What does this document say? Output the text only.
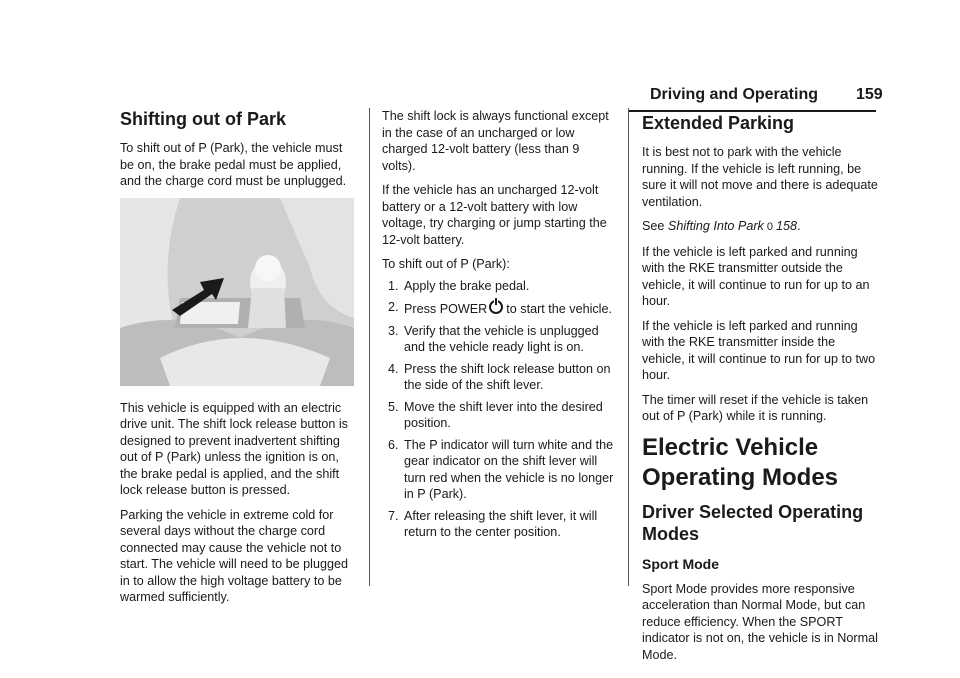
Driving and Operating 159
Shifting out of Park

To shift out of P (Park), the vehicle must be on, the brake pedal must be applied, and the charge cord must be unplugged.

This vehicle is equipped with an electric drive unit. The shift lock release button is designed to prevent inadvertent shifting out of P (Park) unless the ignition is on, the brake pedal is applied, and the shift lock release button is pressed.

Parking the vehicle in extreme cold for several days without the charge cord connected may cause the vehicle not to start. The vehicle will need to be plugged in to allow the high voltage battery to be warmed sufficiently.

The shift lock is always functional except in the case of an uncharged or low charged 12-volt battery (less than 9 volts).

If the vehicle has an uncharged 12-volt battery or a 12-volt battery with low voltage, try charging or jump starting the 12-volt battery.

To shift out of P (Park):

1. Apply the brake pedal.
2. Press POWER to start the vehicle.
3. Verify that the vehicle is unplugged and the vehicle ready light is on.
4. Press the shift lock release button on the side of the shift lever.
5. Move the shift lever into the desired position.
6. The P indicator will turn white and the gear indicator on the shift lever will turn red when the vehicle is no longer in P (Park).
7. After releasing the shift lever, it will return to the center position.
Extended Parking

It is best not to park with the vehicle running. If the vehicle is left running, be sure it will not move and there is adequate ventilation.

See Shifting Into Park 0 158.

If the vehicle is left parked and running with the RKE transmitter outside the vehicle, it will continue to run for up to an hour.

If the vehicle is left parked and running with the RKE transmitter inside the vehicle, it will continue to run for up to two hour.

The timer will reset if the vehicle is taken out of P (Park) while it is running.

Electric Vehicle Operating Modes
Driver Selected Operating Modes
Sport Mode

Sport Mode provides more responsive acceleration than Normal Mode, but can reduce efficiency. When the SPORT indicator is not on, the vehicle is in Normal Mode.
